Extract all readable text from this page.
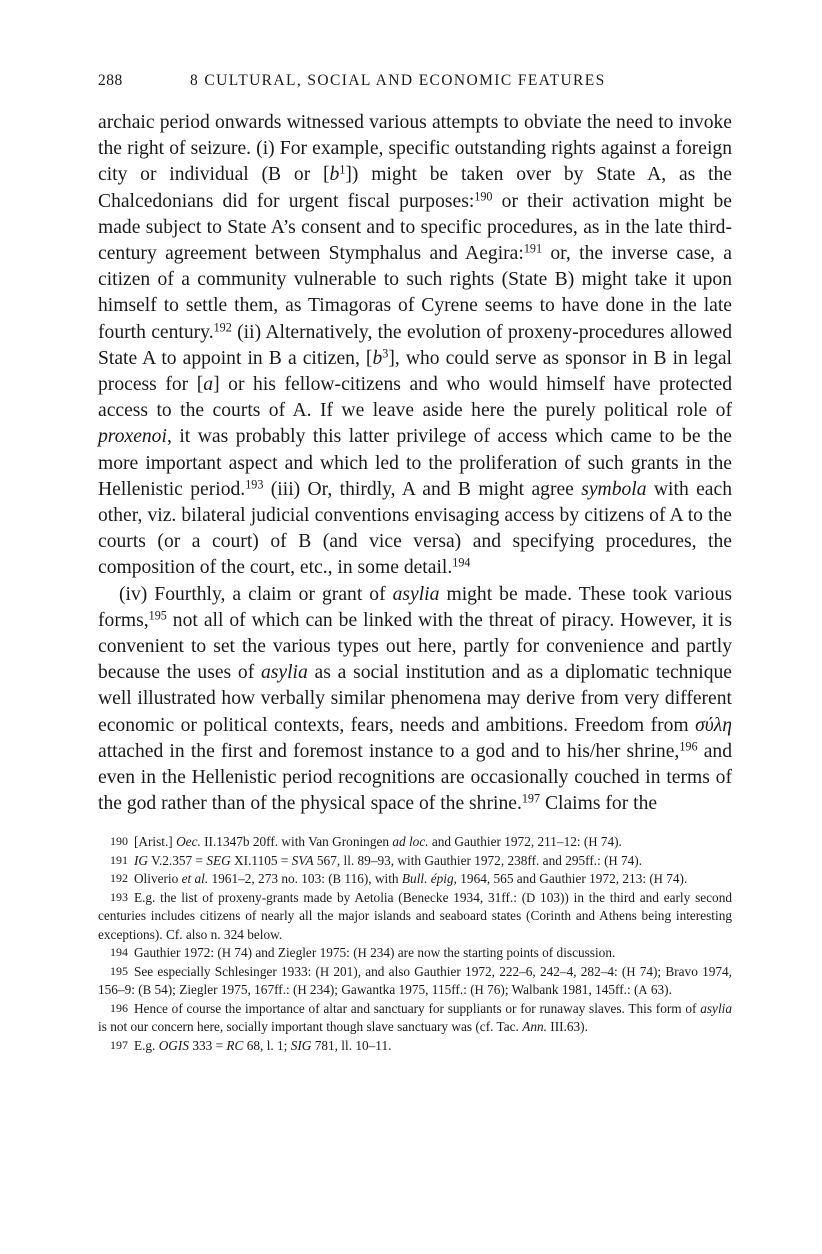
288	8 CULTURAL, SOCIAL AND ECONOMIC FEATURES

archaic period onwards witnessed various attempts to obviate the need to invoke the right of seizure. (i) For example, specific outstanding rights against a foreign city or individual (B or $[b^1]$) might be taken over by State A, as the Chalcedonians did for urgent fiscal purposes:$^{190}$ or their activation might be made subject to State A’s consent and to specific procedures, as in the late third-century agreement between Stymphalus and Aegira:$^{191}$ or, the inverse case, a citizen of a community vulnerable to such rights (State B) might take it upon himself to settle them, as Timagoras of Cyrene seems to have done in the late fourth century.$^{192}$ (ii) Alternatively, the evolution of proxeny-procedures allowed State A to appoint in B a citizen, $[b^3]$, who could serve as sponsor in B in legal process for [a] or his fellow-citizens and who would himself have protected access to the courts of A. If we leave aside here the purely political role of proxenoi, it was probably this latter privilege of access which came to be the more important aspect and which led to the proliferation of such grants in the Hellenistic period.$^{193}$ (iii) Or, thirdly, A and B might agree symbola with each other, viz. bilateral judicial conventions envisaging access by citizens of A to the courts (or a court) of B (and vice versa) and specifying procedures, the composition of the court, etc., in some detail.$^{194}$

(iv) Fourthly, a claim or grant of asylia might be made. These took various forms,$^{195}$ not all of which can be linked with the threat of piracy. However, it is convenient to set the various types out here, partly for convenience and partly because the uses of asylia as a social institution and as a diplomatic technique well illustrated how verbally similar phenomena may derive from very different economic or political contexts, fears, needs and ambitions. Freedom from σύλη attached in the first and foremost instance to a god and to his/her shrine,$^{196}$ and even in the Hellenistic period recognitions are occasionally couched in terms of the god rather than of the physical space of the shrine.$^{197}$ Claims for the

$^{190}$ [Arist.] Oec. II.1347b 20ff. with Van Groningen ad loc. and Gauthier 1972, 211–12: (H 74).

$^{191}$ IG V.2.357 = SEG XI.1105 = SVA 567, ll. 89–93, with Gauthier 1972, 238ff. and 295ff.: (H 74).

$^{192}$ Oliverio et al. 1961–2, 273 no. 103: (B 116), with Bull. épig, 1964, 565 and Gauthier 1972, 213: (H 74).

$^{193}$ E.g. the list of proxeny-grants made by Aetolia (Benecke 1934, 31ff.: (D 103)) in the third and early second centuries includes citizens of nearly all the major islands and seaboard states (Corinth and Athens being interesting exceptions). Cf. also n. 324 below.

$^{194}$ Gauthier 1972: (H 74) and Ziegler 1975: (H 234) are now the starting points of discussion.

$^{195}$ See especially Schlesinger 1933: (H 201), and also Gauthier 1972, 222–6, 242–4, 282–4: (H 74); Bravo 1974, 156–9: (B 54); Ziegler 1975, 167ff.: (H 234); Gawantka 1975, 115ff.: (H 76); Walbank 1981, 145ff.: (A 63).

$^{196}$ Hence of course the importance of altar and sanctuary for suppliants or for runaway slaves. This form of asylia is not our concern here, socially important though slave sanctuary was (cf. Tac. Ann. III.63).

$^{197}$ E.g. OGIS 333 = RC 68, l. 1; SIG 781, ll. 10–11.
